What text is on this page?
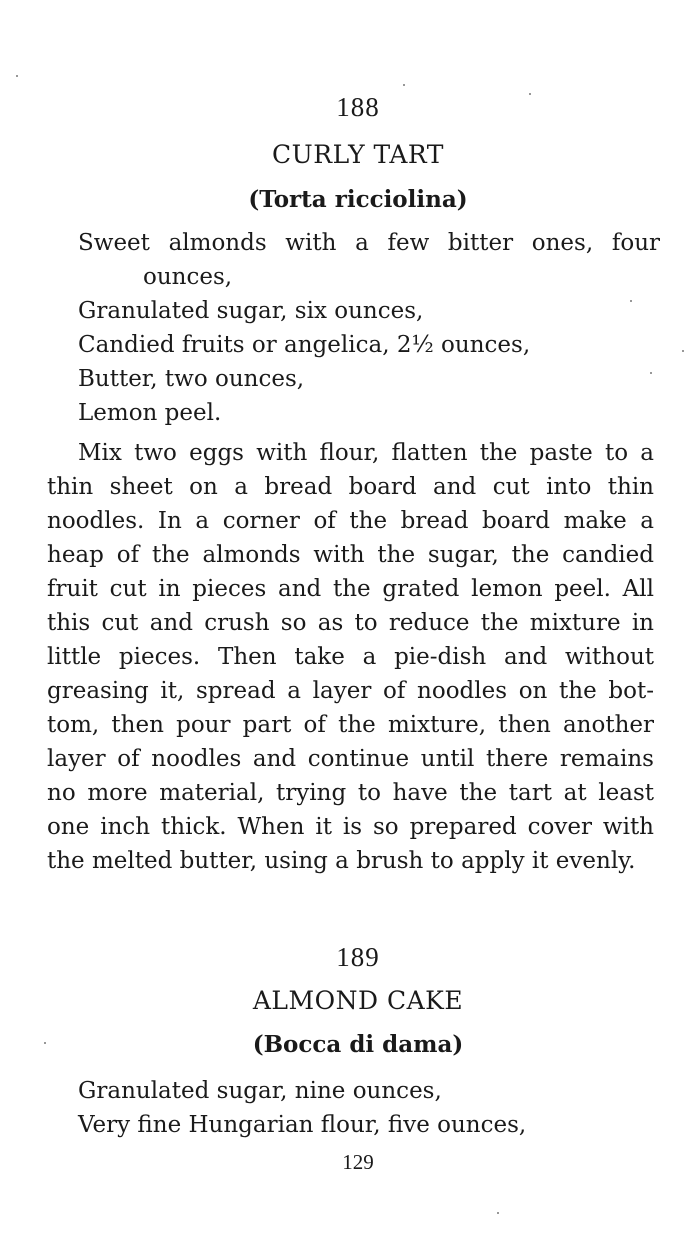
188
CURLY TART
(Torta ricciolina)
Sweet almonds with a few bitter ones, four ounces,
Granulated sugar, six ounces,
Candied fruits or angelica, 2½ ounces,
Butter, two ounces,
Lemon peel.

Mix two eggs with flour, flatten the paste to a thin sheet on a bread board and cut into thin noodles. In a corner of the bread board make a heap of the almonds with the sugar, the candied fruit cut in pieces and the grated lemon peel. All this cut and crush so as to reduce the mixture in little pieces. Then take a pie-dish and without greasing it, spread a layer of noodles on the bottom, then pour part of the mixture, then another layer of noodles and continue until there remains no more material, trying to have the tart at least one inch thick. When it is so prepared cover with the melted butter, using a brush to apply it evenly.

189
ALMOND CAKE
(Bocca di dama)
Granulated sugar, nine ounces,
Very fine Hungarian flour, five ounces,
129
